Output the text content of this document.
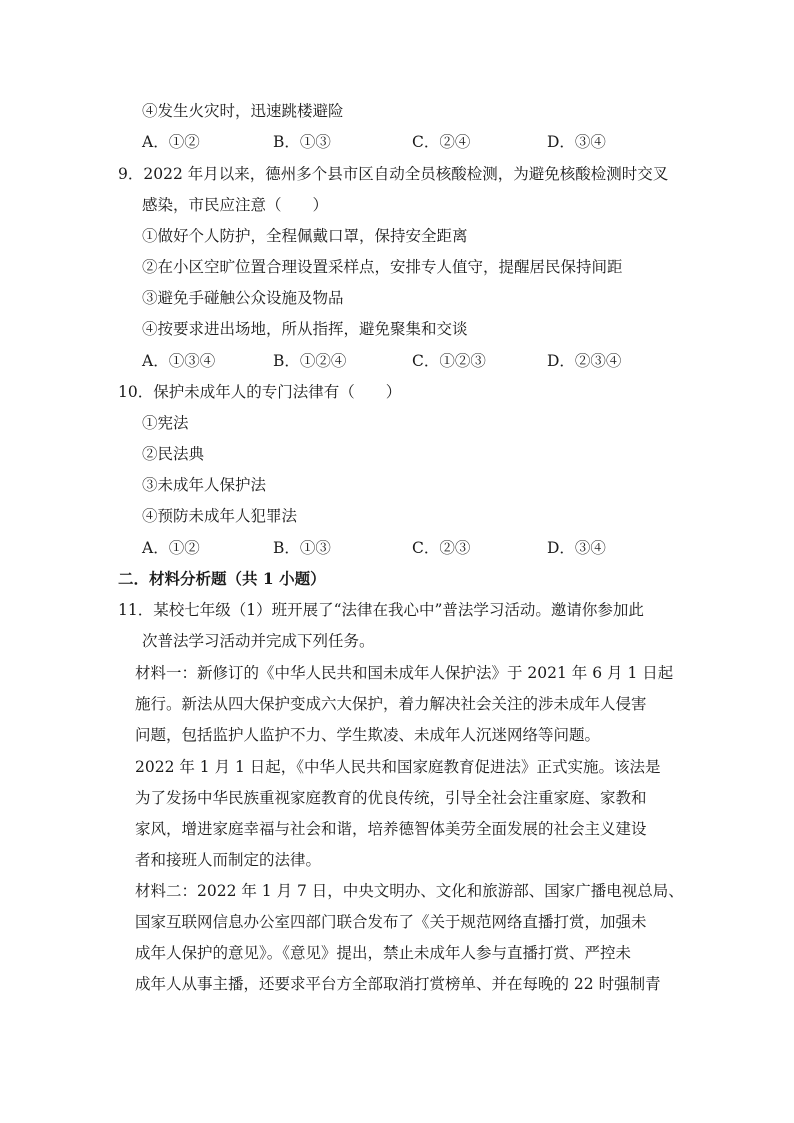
④发生火灾时，迅速跳楼避险
A．①②	B．①③	C．②④	D．③④
9．2022 年月以来，德州多个县市区自动全员核酸检测，为避免核酸检测时交叉
感染，市民应注意（　　）
①做好个人防护，全程佩戴口罩，保持安全距离
②在小区空旷位置合理设置采样点，安排专人值守，提醒居民保持间距
③避免手碰触公众设施及物品
④按要求进出场地，所从指挥，避免聚集和交谈
A．①③④	B．①②④	C．①②③	D．②③④
10．保护未成年人的专门法律有（　　）
①宪法
②民法典
③未成年人保护法
④预防未成年人犯罪法
A．①②	B．①③	C．②③	D．③④
二．材料分析题（共 1 小题）
11．某校七年级（1）班开展了“法律在我心中”普法学习活动。邀请你参加此
次普法学习活动并完成下列任务。
材料一：新修订的《中华人民共和国未成年人保护法》于 2021 年 6 月 1 日起
施行。新法从四大保护变成六大保护，着力解决社会关注的涉未成年人侵害
问题，包括监护人监护不力、学生欺凌、未成年人沉迷网络等问题。
2022 年 1 月 1 日起，《中华人民共和国家庭教育促进法》正式实施。该法是
为了发扬中华民族重视家庭教育的优良传统，引导全社会注重家庭、家教和
家风，增进家庭幸福与社会和谐，培养德智体美劳全面发展的社会主义建设
者和接班人而制定的法律。
材料二：2022 年 1 月 7 日，中央文明办、文化和旅游部、国家广播电视总局、
国家互联网信息办公室四部门联合发布了《关于规范网络直播打赏，加强未
成年人保护的意见》。《意见》提出，禁止未成年人参与直播打赏、严控未
成年人从事主播，还要求平台方全部取消打赏榜单、并在每晚的 22 时强制青
